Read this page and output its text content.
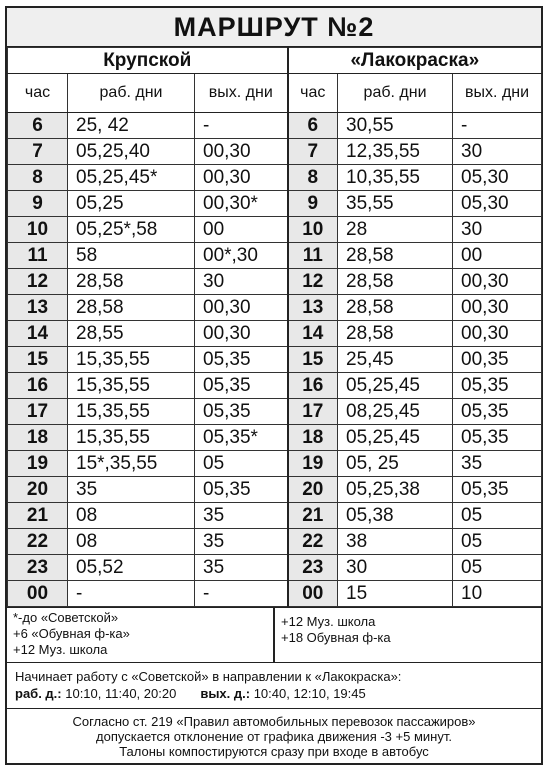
МАРШРУТ №2
Крупской			«Лакокраска»		
час	раб. дни	вых. дни	час	раб. дни	вых. дни
6	25, 42	-	6	30,55	-
7	05,25,40	00,30	7	12,35,55	30
8	05,25,45*	00,30	8	10,35,55	05,30
9	05,25	00,30*	9	35,55	05,30
10	05,25*,58	00	10	28	30
11	58	00*,30	11	28,58	00
12	28,58	30	12	28,58	00,30
13	28,58	00,30	13	28,58	00,30
14	28,55	00,30	14	28,58	00,30
15	15,35,55	05,35	15	25,45	00,35
16	15,35,55	05,35	16	05,25,45	05,35
17	15,35,55	05,35	17	08,25,45	05,35
18	15,35,55	05,35*	18	05,25,45	05,35
19	15*,35,55	05	19	05, 25	35
20	35	05,35	20	05,25,38	05,35
21	08	35	21	05,38	05
22	08	35	22	38	05
23	05,52	35	23	30	05
00	-	-	00	15	10
*-до «Советской»
+6 «Обувная ф-ка»
+12 Муз. школа
+12 Муз. школа
+18 Обувная ф-ка
Начинает работу с «Советской» в направлении к «Лакокраска»:
раб. д.: 10:10, 11:40, 20:20 вых. д.: 10:40, 12:10, 19:45
Согласно ст. 219 «Правил автомобильных перевозок пассажиров»
допускается отклонение от графика движения -3 +5 минут.
Талоны компостируются сразу при входе в автобус
